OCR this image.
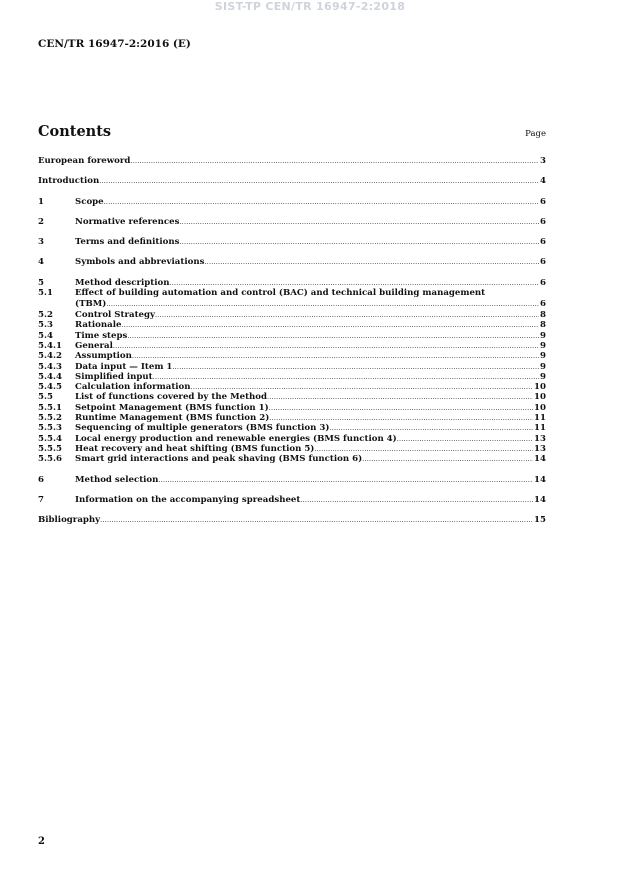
SIST-TP CEN/TR 16947-2:2018
CEN/TR 16947-2:2016 (E)
Contents	Page
European foreword .....	3
Introduction .....	4
1	Scope .....	6
2	Normative references .....	6
3	Terms and definitions .....	6
4	Symbols and abbreviations .....	6
5	Method description .....	6
5.1	Effect of building automation and control (BAC) and technical building management
(TBM) .....	6
5.2	Control Strategy .....	8
5.3	Rationale .....	8
5.4	Time steps .....	9
5.4.1 General .....	9
5.4.2 Assumption .....	9
5.4.3 Data input — Item 1 .....	9
5.4.4 Simplified input .....	9
5.4.5 Calculation information .....	10
5.5	List of functions covered by the Method .....	10
5.5.1 Setpoint Management (BMS function 1) .....	10
5.5.2 Runtime Management (BMS function 2) .....	11
5.5.3 Sequencing of multiple generators (BMS function 3) .....	11
5.5.4 Local energy production and renewable energies (BMS function 4) .....	13
5.5.5 Heat recovery and heat shifting (BMS function 5) .....	13
5.5.6 Smart grid interactions and peak shaving (BMS function 6) .....	14
6	Method selection .....	14
7	Information on the accompanying spreadsheet .....	14
Bibliography .....	15
2
